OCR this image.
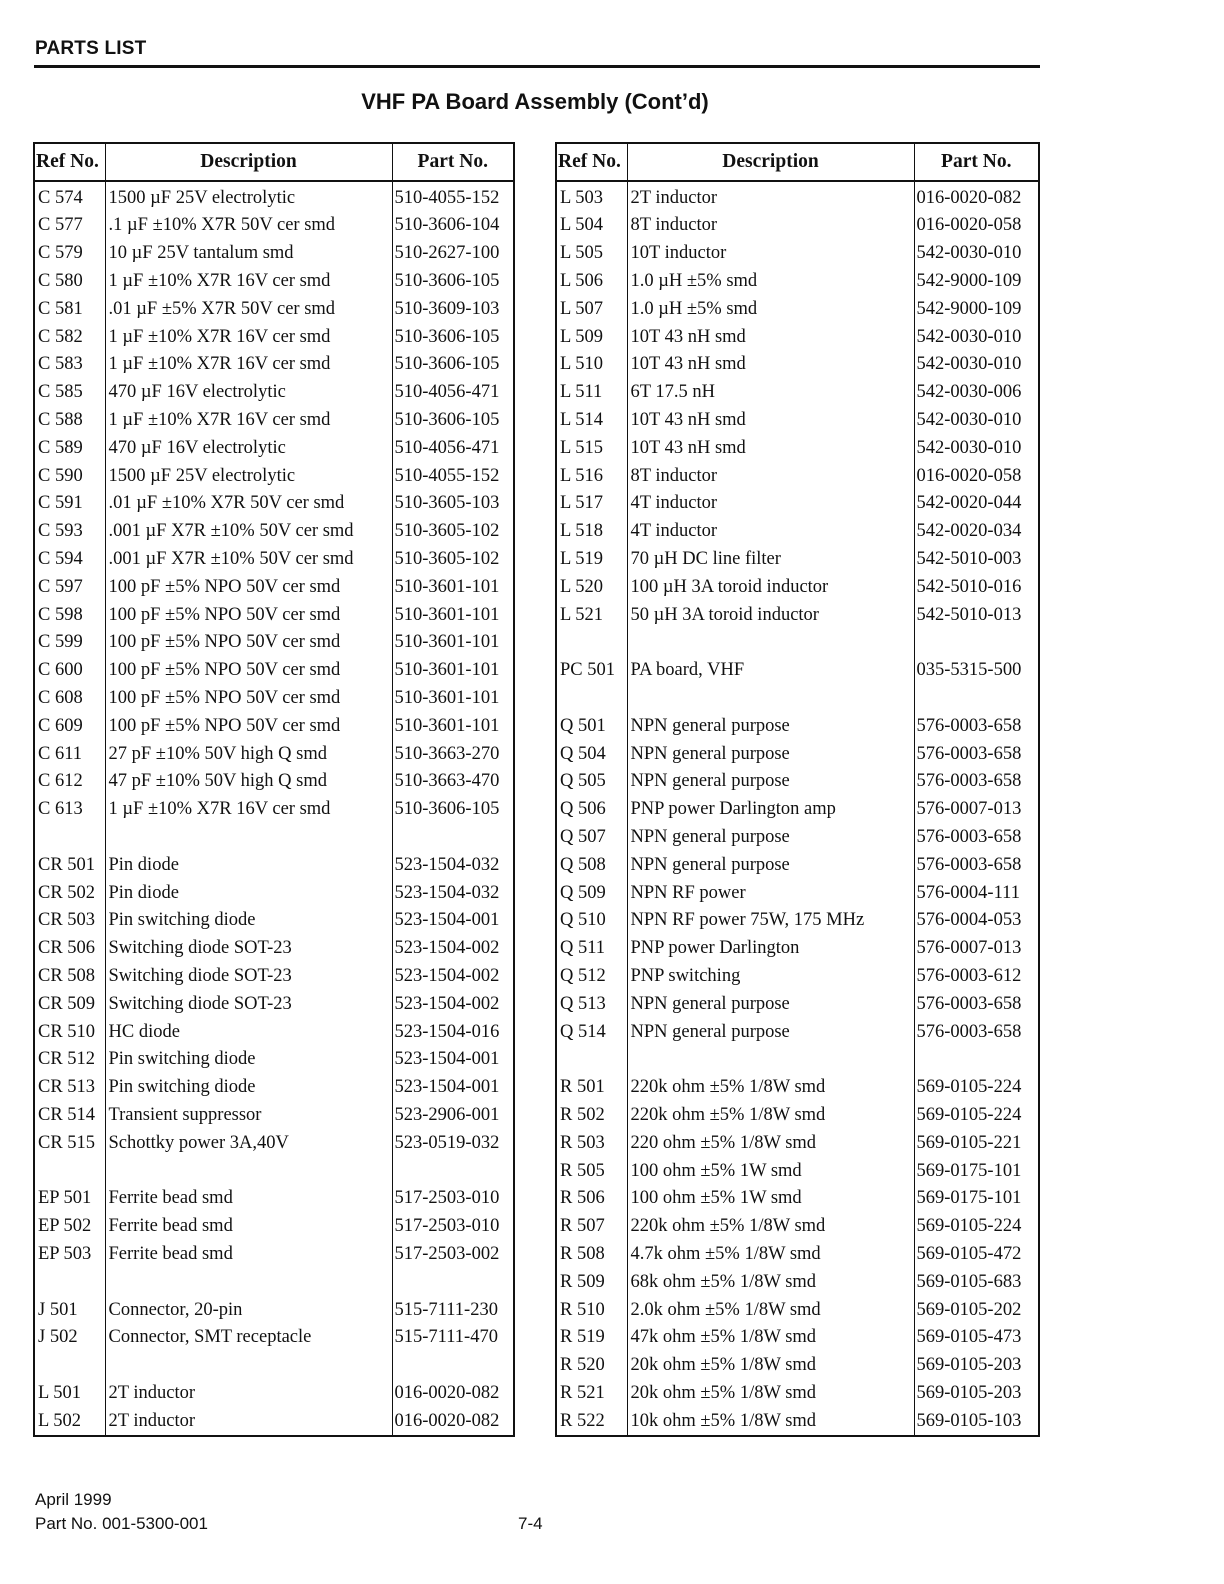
PARTS LIST
VHF PA Board Assembly (Cont’d)
Ref No.	Description	Part No.
C 574	1500 µF 25V electrolytic	510-4055-152
C 577	.1 µF ±10% X7R 50V cer smd	510-3606-104
C 579	10 µF 25V tantalum smd	510-2627-100
C 580	1 µF ±10% X7R 16V cer smd	510-3606-105
C 581	.01 µF ±5% X7R 50V cer smd	510-3609-103
C 582	1 µF ±10% X7R 16V cer smd	510-3606-105
C 583	1 µF ±10% X7R 16V cer smd	510-3606-105
C 585	470 µF 16V electrolytic	510-4056-471
C 588	1 µF ±10% X7R 16V cer smd	510-3606-105
C 589	470 µF 16V electrolytic	510-4056-471
C 590	1500 µF 25V electrolytic	510-4055-152
C 591	.01 µF ±10% X7R 50V cer smd	510-3605-103
C 593	.001 µF X7R ±10% 50V cer smd	510-3605-102
C 594	.001 µF X7R ±10% 50V cer smd	510-3605-102
C 597	100 pF ±5% NPO 50V cer smd	510-3601-101
C 598	100 pF ±5% NPO 50V cer smd	510-3601-101
C 599	100 pF ±5% NPO 50V cer smd	510-3601-101
C 600	100 pF ±5% NPO 50V cer smd	510-3601-101
C 608	100 pF ±5% NPO 50V cer smd	510-3601-101
C 609	100 pF ±5% NPO 50V cer smd	510-3601-101
C 611	27 pF ±10% 50V high Q smd	510-3663-270
C 612	47 pF ±10% 50V high Q smd	510-3663-470
C 613	1 µF ±10% X7R 16V cer smd	510-3606-105

CR 501	Pin diode	523-1504-032
CR 502	Pin diode	523-1504-032
CR 503	Pin switching diode	523-1504-001
CR 506	Switching diode SOT-23	523-1504-002
CR 508	Switching diode SOT-23	523-1504-002
CR 509	Switching diode SOT-23	523-1504-002
CR 510	HC diode	523-1504-016
CR 512	Pin switching diode	523-1504-001
CR 513	Pin switching diode	523-1504-001
CR 514	Transient suppressor	523-2906-001
CR 515	Schottky power 3A,40V	523-0519-032

EP 501	Ferrite bead smd	517-2503-010
EP 502	Ferrite bead smd	517-2503-010
EP 503	Ferrite bead smd	517-2503-002

J 501	Connector, 20-pin	515-7111-230
J 502	Connector, SMT receptacle	515-7111-470

L 501	2T inductor	016-0020-082
L 502	2T inductor	016-0020-082
Ref No.	Description	Part No.
L 503	2T inductor	016-0020-082
L 504	8T inductor	016-0020-058
L 505	10T inductor	542-0030-010
L 506	1.0 µH ±5% smd	542-9000-109
L 507	1.0 µH ±5% smd	542-9000-109
L 509	10T 43 nH smd	542-0030-010
L 510	10T 43 nH smd	542-0030-010
L 511	6T 17.5 nH	542-0030-006
L 514	10T 43 nH smd	542-0030-010
L 515	10T 43 nH smd	542-0030-010
L 516	8T inductor	016-0020-058
L 517	4T inductor	542-0020-044
L 518	4T inductor	542-0020-034
L 519	70 µH DC line filter	542-5010-003
L 520	100 µH 3A toroid inductor	542-5010-016
L 521	50 µH 3A toroid inductor	542-5010-013

PC 501	PA board, VHF	035-5315-500

Q 501	NPN general purpose	576-0003-658
Q 504	NPN general purpose	576-0003-658
Q 505	NPN general purpose	576-0003-658
Q 506	PNP power Darlington amp	576-0007-013
Q 507	NPN general purpose	576-0003-658
Q 508	NPN general purpose	576-0003-658
Q 509	NPN RF power	576-0004-111
Q 510	NPN RF power 75W, 175 MHz	576-0004-053
Q 511	PNP power Darlington	576-0007-013
Q 512	PNP switching	576-0003-612
Q 513	NPN general purpose	576-0003-658
Q 514	NPN general purpose	576-0003-658

R 501	220k ohm ±5% 1/8W smd	569-0105-224
R 502	220k ohm ±5% 1/8W smd	569-0105-224
R 503	220 ohm ±5% 1/8W smd	569-0105-221
R 505	100 ohm ±5% 1W smd	569-0175-101
R 506	100 ohm ±5% 1W smd	569-0175-101
R 507	220k ohm ±5% 1/8W smd	569-0105-224
R 508	4.7k ohm ±5% 1/8W smd	569-0105-472
R 509	68k ohm ±5% 1/8W smd	569-0105-683
R 510	2.0k ohm ±5% 1/8W smd	569-0105-202
R 519	47k ohm ±5% 1/8W smd	569-0105-473
R 520	20k ohm ±5% 1/8W smd	569-0105-203
R 521	20k ohm ±5% 1/8W smd	569-0105-203
R 522	10k ohm ±5% 1/8W smd	569-0105-103
April 1999
Part No. 001-5300-001	7-4
